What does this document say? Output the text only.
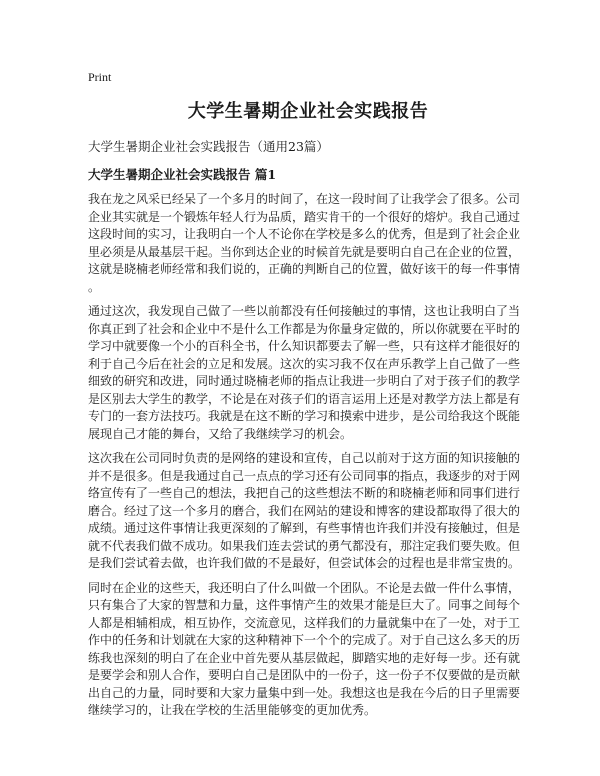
Print

大学生暑期企业社会实践报告

大学生暑期企业社会实践报告（通用23篇）

大学生暑期企业社会实践报告 篇1

我在龙之风采已经呆了一个多月的时间了，在这一段时间了让我学会了很多。公司
企业其实就是一个锻炼年轻人行为品质，踏实肯干的一个很好的熔炉。我自己通过
这段时间的实习，让我明白一个人不论你在学校是多么的优秀，但是到了社会企业
里必须是从最基层干起。当你到达企业的时候首先就是要明白自己在企业的位置，
这就是晓楠老师经常和我们说的，正确的判断自己的位置，做好该干的每一件事情
。

通过这次，我发现自己做了一些以前都没有任何接触过的事情，这也让我明白了当
你真正到了社会和企业中不是什么工作都是为你量身定做的，所以你就要在平时的
学习中就要像一个小的百科全书，什么知识都要去了解一些，只有这样才能很好的
利于自己今后在社会的立足和发展。这次的实习我不仅在声乐教学上自己做了一些
细致的研究和改进，同时通过晓楠老师的指点让我进一步明白了对于孩子们的教学
是区别去大学生的教学，不论是在对孩子们的语言运用上还是对教学方法上都是有
专门的一套方法技巧。我就是在这不断的学习和摸索中进步，是公司给我这个既能
展现自己才能的舞台，又给了我继续学习的机会。

这次我在公司同时负责的是网络的建设和宣传，自己以前对于这方面的知识接触的
并不是很多。但是我通过自己一点点的学习还有公司同事的指点，我逐步的对于网
络宣传有了一些自己的想法，我把自己的这些想法不断的和晓楠老师和同事们进行
磨合。经过了这一个多月的磨合，我们在网站的建设和博客的建设都取得了很大的
成绩。通过这件事情让我更深刻的了解到，有些事情也许我们并没有接触过，但是
就不代表我们做不成功。如果我们连去尝试的勇气都没有，那注定我们要失败。但
是我们尝试着去做，也许我们做的不是最好，但尝试体会的过程也是非常宝贵的。

同时在企业的这些天，我还明白了什么叫做一个团队。不论是去做一件什么事情，
只有集合了大家的智慧和力量，这件事情产生的效果才能是巨大了。同事之间每个
人都是相辅相成，相互协作，交流意见，这样我们的力量就集中在了一处，对于工
作中的任务和计划就在大家的这种精神下一个个的完成了。对于自己这么多天的历
练我也深刻的明白了在企业中首先要从基层做起，脚踏实地的走好每一步。还有就
是要学会和别人合作，要明白自己是团队中的一份子，这一份子不仅要做的是贡献
出自己的力量，同时要和大家力量集中到一处。我想这也是我在今后的日子里需要
继续学习的，让我在学校的生活里能够变的更加优秀。
